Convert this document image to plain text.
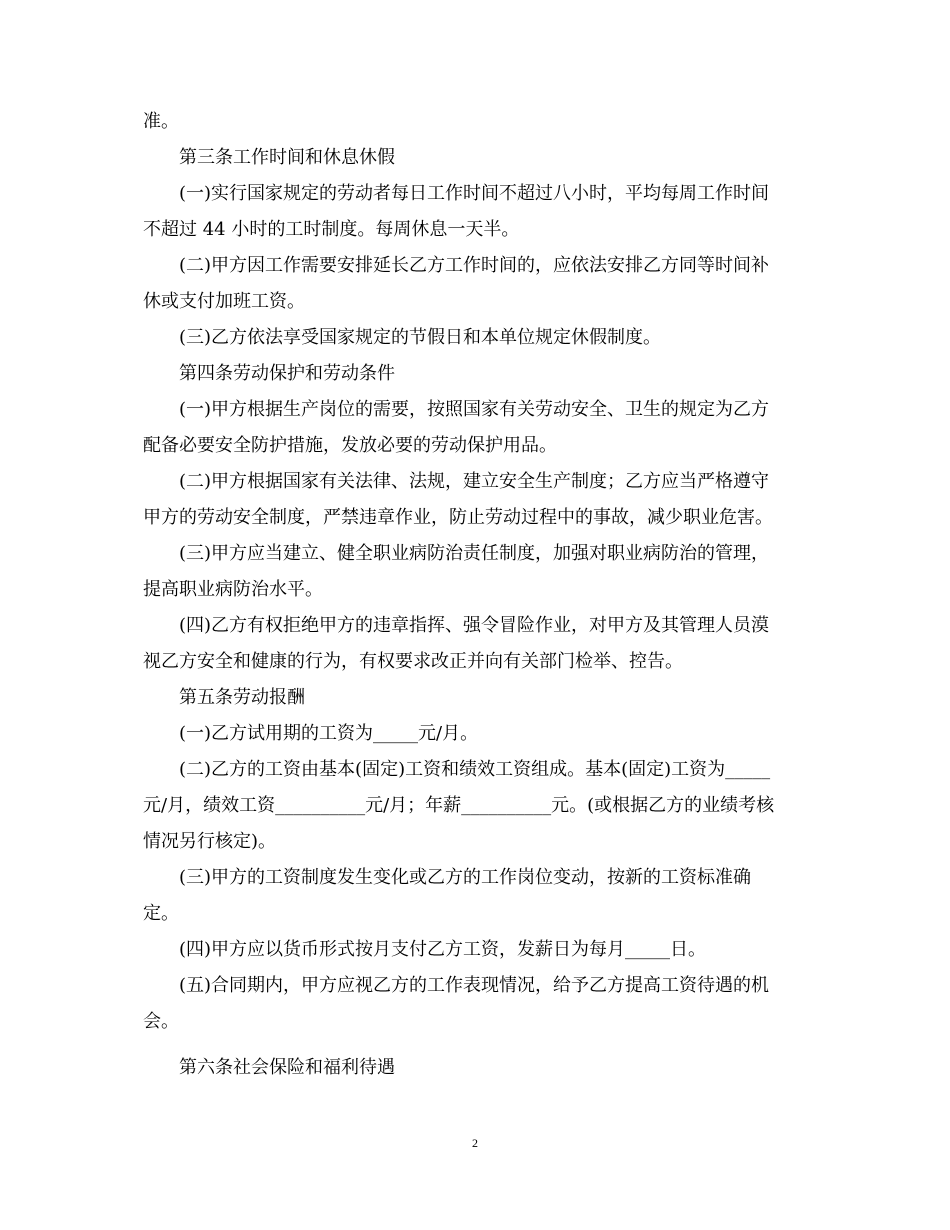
准。
第三条工作时间和休息休假
(一)实行国家规定的劳动者每日工作时间不超过八小时，平均每周工作时间
不超过 44 小时的工时制度。每周休息一天半。
(二)甲方因工作需要安排延长乙方工作时间的，应依法安排乙方同等时间补
休或支付加班工资。
(三)乙方依法享受国家规定的节假日和本单位规定休假制度。
第四条劳动保护和劳动条件
(一)甲方根据生产岗位的需要，按照国家有关劳动安全、卫生的规定为乙方
配备必要安全防护措施，发放必要的劳动保护用品。
(二)甲方根据国家有关法律、法规，建立安全生产制度；乙方应当严格遵守
甲方的劳动安全制度，严禁违章作业，防止劳动过程中的事故，减少职业危害。
(三)甲方应当建立、健全职业病防治责任制度，加强对职业病防治的管理，
提高职业病防治水平。
(四)乙方有权拒绝甲方的违章指挥、强令冒险作业，对甲方及其管理人员漠
视乙方安全和健康的行为，有权要求改正并向有关部门检举、控告。
第五条劳动报酬
(一)乙方试用期的工资为_____元/月。
(二)乙方的工资由基本(固定)工资和绩效工资组成。基本(固定)工资为_____
元/月，绩效工资__________元/月；年薪__________元。(或根据乙方的业绩考核
情况另行核定)。
(三)甲方的工资制度发生变化或乙方的工作岗位变动，按新的工资标准确
定。
(四)甲方应以货币形式按月支付乙方工资，发薪日为每月_____日。
(五)合同期内，甲方应视乙方的工作表现情况，给予乙方提高工资待遇的机
会。
第六条社会保险和福利待遇
2
